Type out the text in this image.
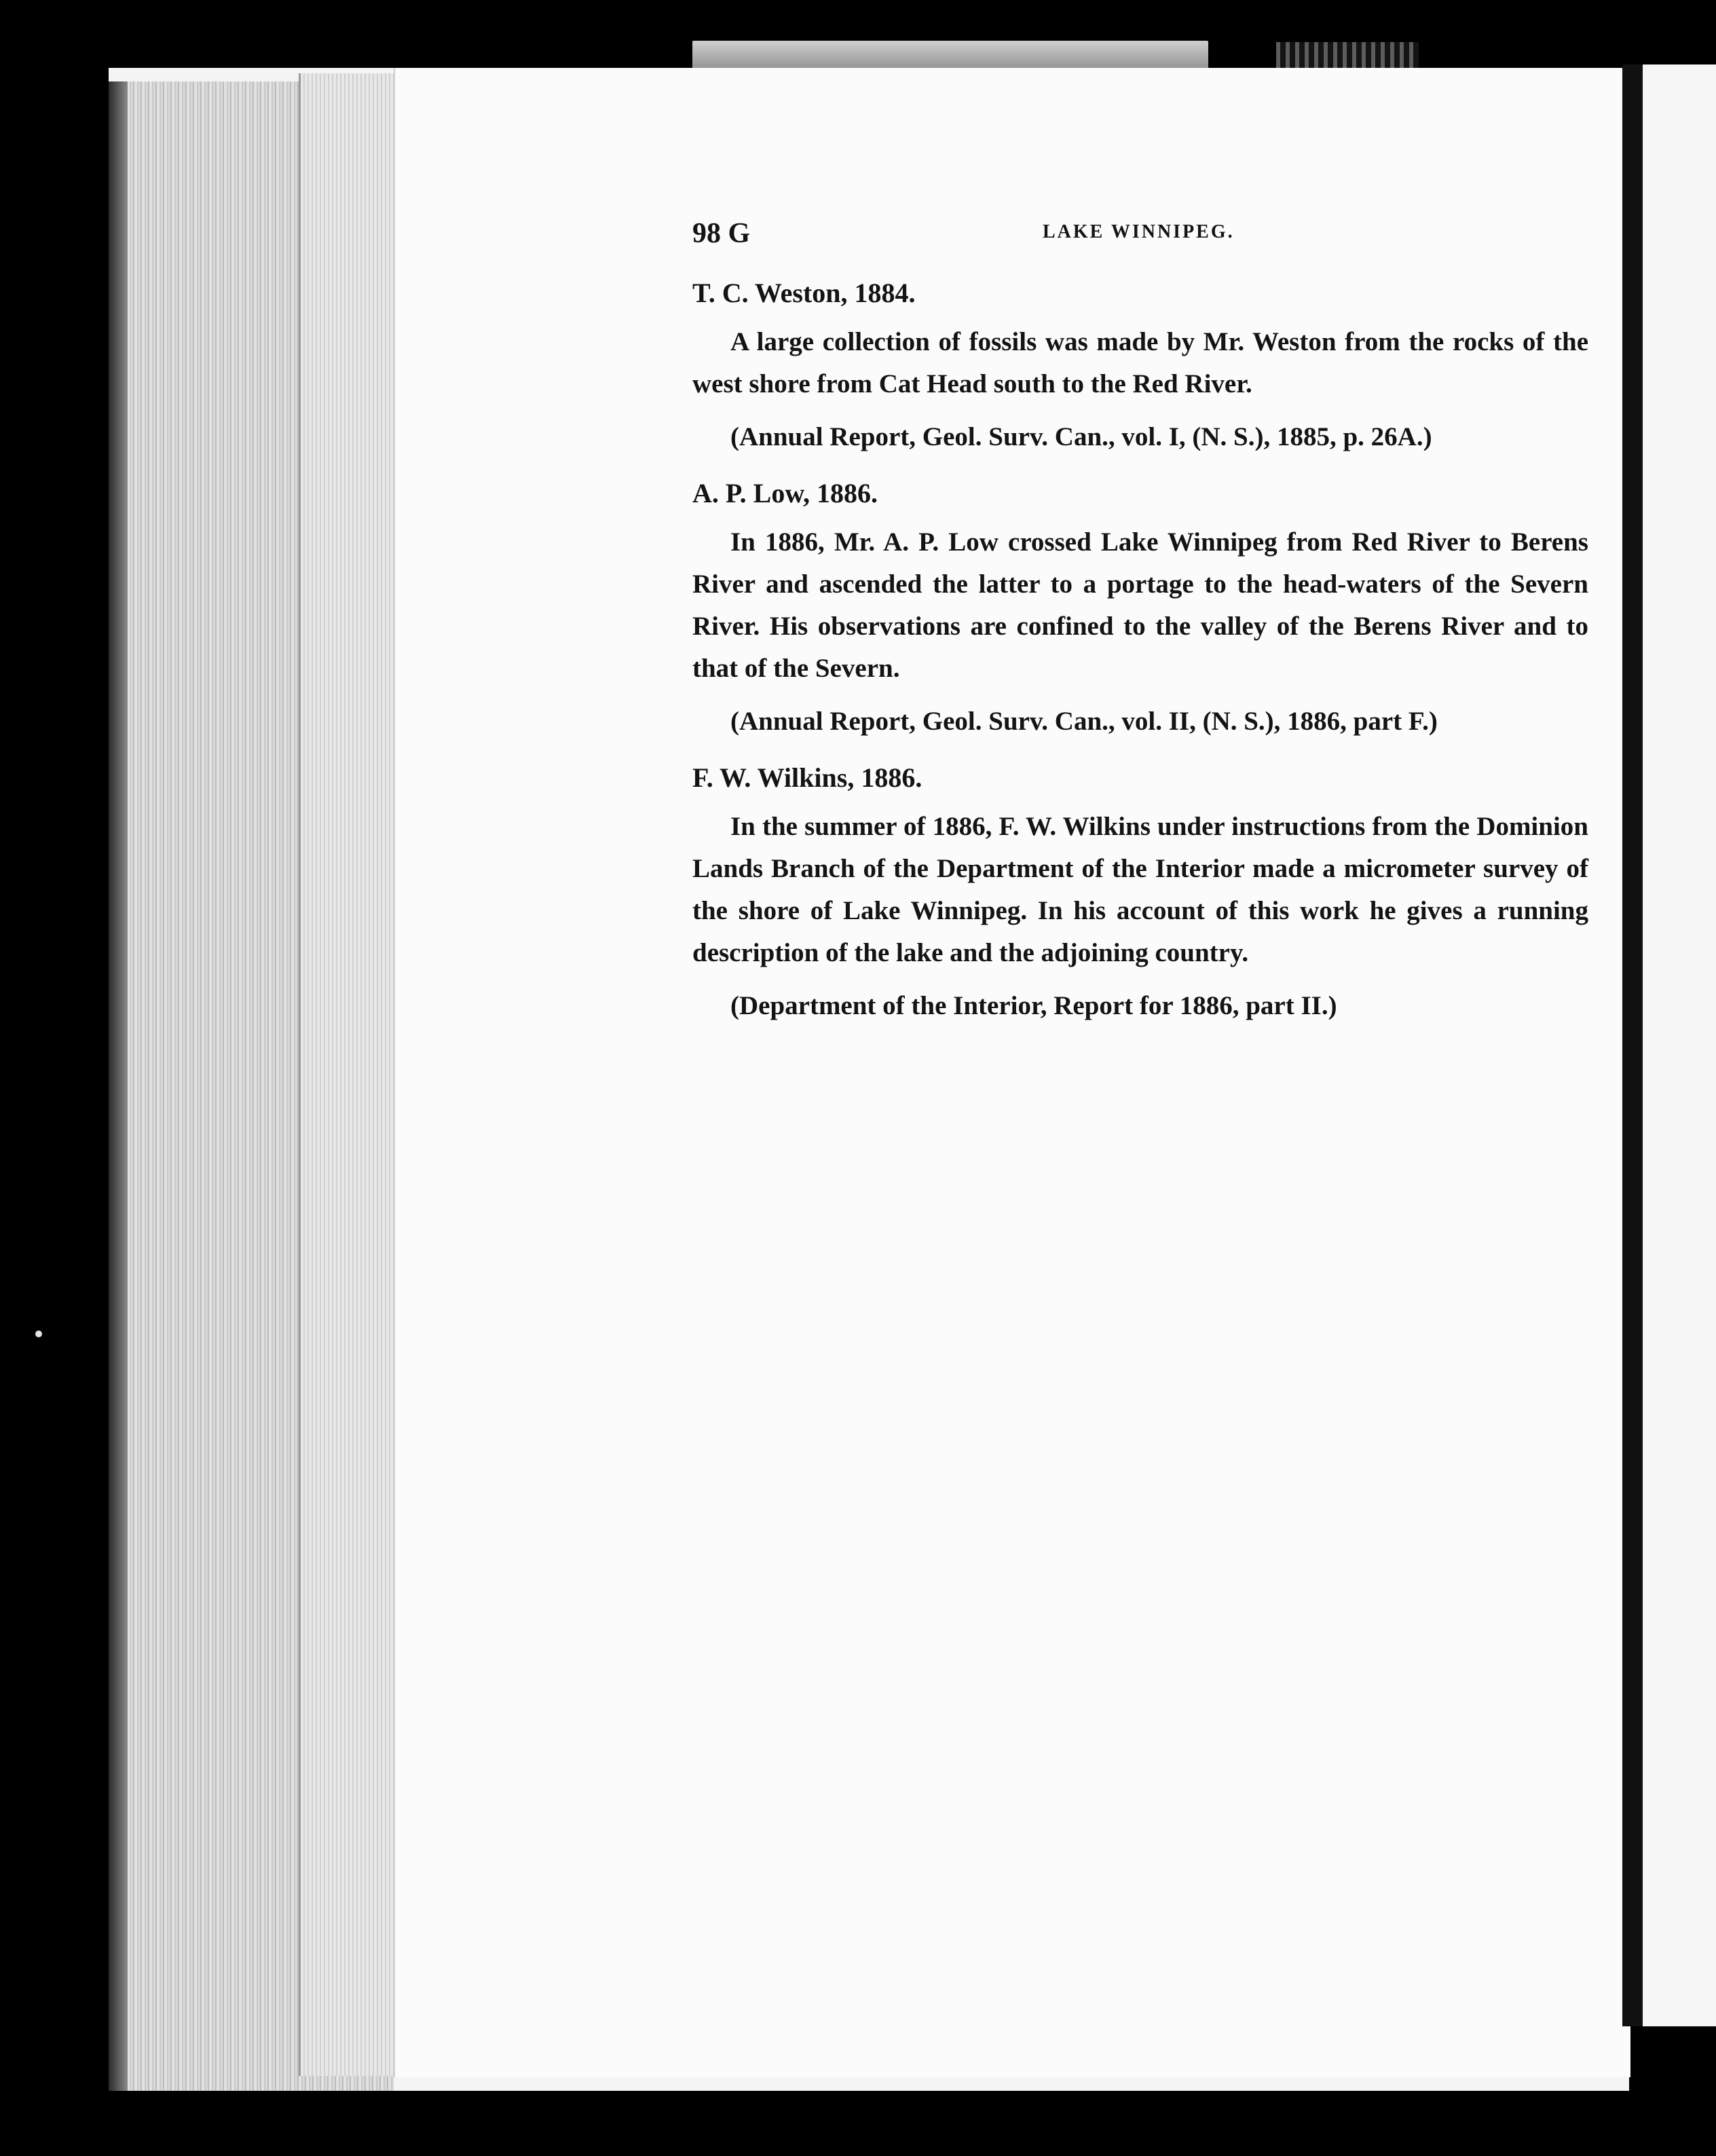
98 G	LAKE WINNIPEG.

T. C. Weston, 1884.

A large collection of fossils was made by Mr. Weston from the rocks of the west shore from Cat Head south to the Red River.

(Annual Report, Geol. Surv. Can., vol. I, (N. S.), 1885, p. 26A.)

A. P. Low, 1886.

In 1886, Mr. A. P. Low crossed Lake Winnipeg from Red River to Berens River and ascended the latter to a portage to the head-waters of the Severn River. His observations are confined to the valley of the Berens River and to that of the Severn.

(Annual Report, Geol. Surv. Can., vol. II, (N. S.), 1886, part F.)

F. W. Wilkins, 1886.

In the summer of 1886, F. W. Wilkins under instructions from the Dominion Lands Branch of the Department of the Interior made a micrometer survey of the shore of Lake Winnipeg. In his account of this work he gives a running description of the lake and the adjoining country.

(Department of the Interior, Report for 1886, part II.)
